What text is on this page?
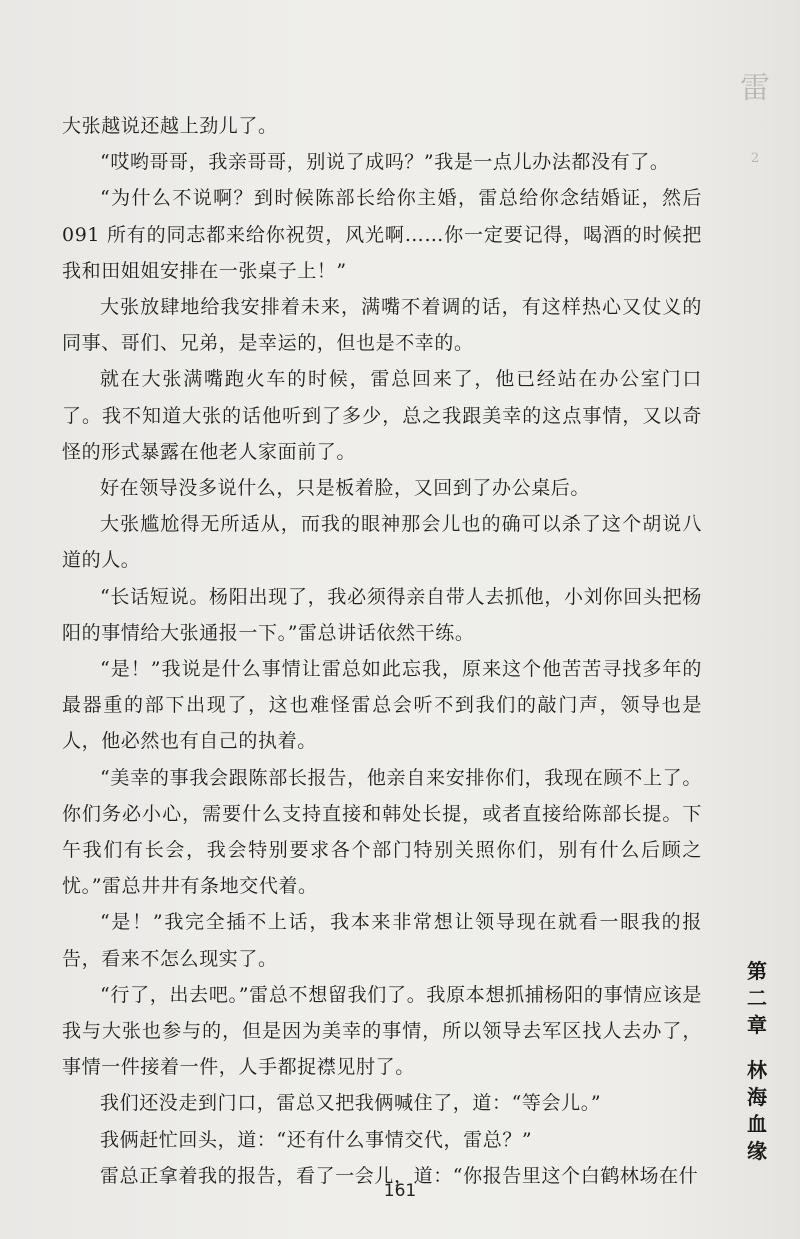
雷
2

大张越说还越上劲儿了。

“哎哟哥哥，我亲哥哥，别说了成吗？”我是一点儿办法都没有了。

“为什么不说啊？到时候陈部长给你主婚，雷总给你念结婚证，然后 091 所有的同志都来给你祝贺，风光啊……你一定要记得，喝酒的时候把我和田姐姐安排在一张桌子上！”

大张放肆地给我安排着未来，满嘴不着调的话，有这样热心又仗义的同事、哥们、兄弟，是幸运的，但也是不幸的。

就在大张满嘴跑火车的时候，雷总回来了，他已经站在办公室门口了。我不知道大张的话他听到了多少，总之我跟美幸的这点事情，又以奇怪的形式暴露在他老人家面前了。

好在领导没多说什么，只是板着脸，又回到了办公桌后。

大张尴尬得无所适从，而我的眼神那会儿也的确可以杀了这个胡说八道的人。

“长话短说。杨阳出现了，我必须得亲自带人去抓他，小刘你回头把杨阳的事情给大张通报一下。”雷总讲话依然干练。

“是！”我说是什么事情让雷总如此忘我，原来这个他苦苦寻找多年的最器重的部下出现了，这也难怪雷总会听不到我们的敲门声，领导也是人，他必然也有自己的执着。

“美幸的事我会跟陈部长报告，他亲自来安排你们，我现在顾不上了。你们务必小心，需要什么支持直接和韩处长提，或者直接给陈部长提。下午我们有长会，我会特别要求各个部门特别关照你们，别有什么后顾之忧。”雷总井井有条地交代着。

“是！”我完全插不上话，我本来非常想让领导现在就看一眼我的报告，看来不怎么现实了。

“行了，出去吧。”雷总不想留我们了。我原本想抓捕杨阳的事情应该是我与大张也参与的，但是因为美幸的事情，所以领导去军区找人去办了，事情一件接着一件，人手都捉襟见肘了。

我们还没走到门口，雷总又把我俩喊住了，道：“等会儿。”

我俩赶忙回头，道：“还有什么事情交代，雷总？”

雷总正拿着我的报告，看了一会儿，道：“你报告里这个白鹤林场在什

第
二
章
林
海
血
缘
161
